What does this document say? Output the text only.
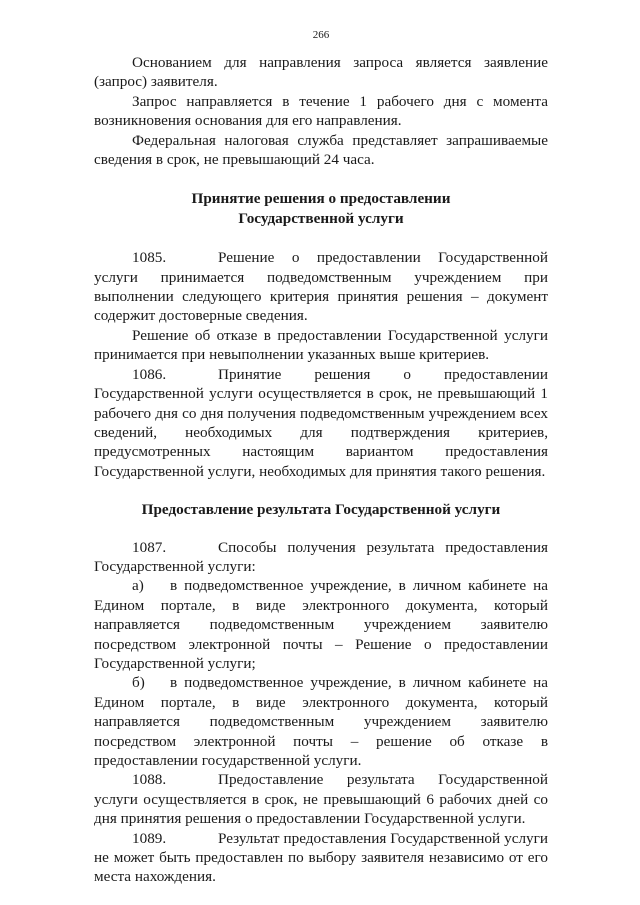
266

Основанием для направления запроса является заявление (запрос) заявителя.

Запрос направляется в течение 1 рабочего дня с момента возникновения основания для его направления.

Федеральная налоговая служба представляет запрашиваемые сведения в срок, не превышающий 24 часа.

Принятие решения о предоставлении Государственной услуги

1085.	Решение о предоставлении Государственной услуги принимается подведомственным учреждением при выполнении следующего критерия принятия решения – документ содержит достоверные сведения.

Решение об отказе в предоставлении Государственной услуги принимается при невыполнении указанных выше критериев.

1086.	Принятие решения о предоставлении Государственной услуги осуществляется в срок, не превышающий 1 рабочего дня со дня получения подведомственным учреждением всех сведений, необходимых для подтверждения критериев, предусмотренных настоящим вариантом предоставления Государственной услуги, необходимых для принятия такого решения.

Предоставление результата Государственной услуги

1087.	Способы получения результата предоставления Государственной услуги:

а) в подведомственное учреждение, в личном кабинете на Едином портале, в виде электронного документа, который направляется подведомственным учреждением заявителю посредством электронной почты – Решение о предоставлении Государственной услуги;

б) в подведомственное учреждение, в личном кабинете на Едином портале, в виде электронного документа, который направляется подведомственным учреждением заявителю посредством электронной почты – решение об отказе в предоставлении государственной услуги.

1088.	Предоставление результата Государственной услуги осуществляется в срок, не превышающий 6 рабочих дней со дня принятия решения о предоставлении Государственной услуги.

1089.	Результат предоставления Государственной услуги не может быть предоставлен по выбору заявителя независимо от его места нахождения.
